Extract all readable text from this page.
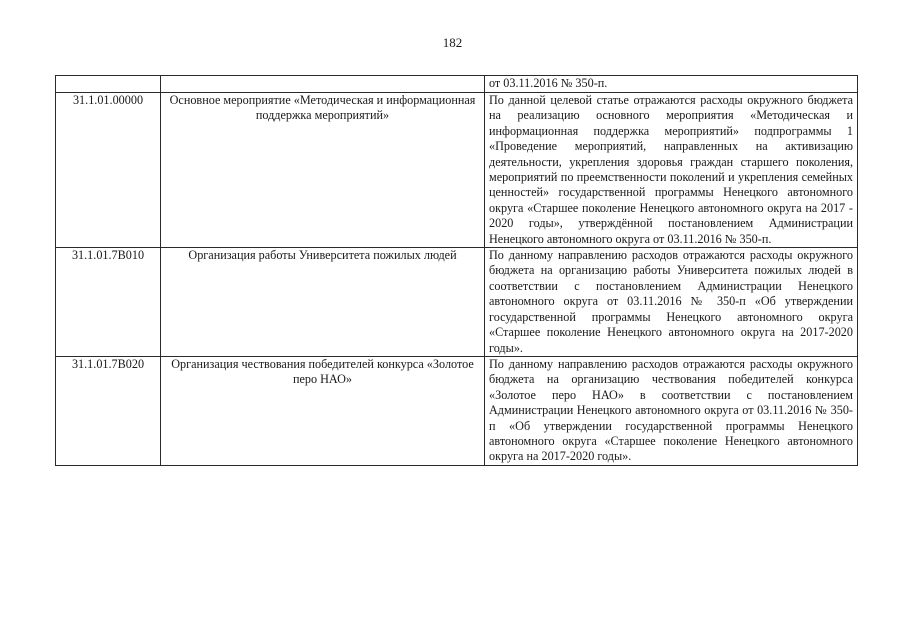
182
		от 03.11.2016 № 350-п.
31.1.01.00000	Основное мероприятие «Методическая и информационная поддержка мероприятий»	По данной целевой статье отражаются расходы окружного бюджета на реализацию основного мероприятия «Методическая и информационная поддержка мероприятий» подпрограммы 1 «Проведение мероприятий, направленных на активизацию деятельности, укрепления здоровья граждан старшего поколения, мероприятий по преемственности поколений и укрепления семейных ценностей» государственной программы Ненецкого автономного округа «Старшее поколение Ненецкого автономного округа на 2017 - 2020 годы», утверждённой постановлением Администрации Ненецкого автономного округа от 03.11.2016 № 350-п.
31.1.01.7В010	Организация работы Университета пожилых людей	По данному направлению расходов отражаются расходы окружного бюджета на организацию работы Университета пожилых людей в соответствии с постановлением Администрации Ненецкого автономного округа от 03.11.2016 № 350-п «Об утверждении государственной программы Ненецкого автономного округа «Старшее поколение Ненецкого автономного округа на 2017-2020 годы».
31.1.01.7В020	Организация чествования победителей конкурса «Золотое перо НАО»	По данному направлению расходов отражаются расходы окружного бюджета на организацию чествования победителей конкурса «Золотое перо НАО» в соответствии с постановлением Администрации Ненецкого автономного округа от 03.11.2016 № 350-п «Об утверждении государственной программы Ненецкого автономного округа «Старшее поколение Ненецкого автономного округа на 2017-2020 годы».
